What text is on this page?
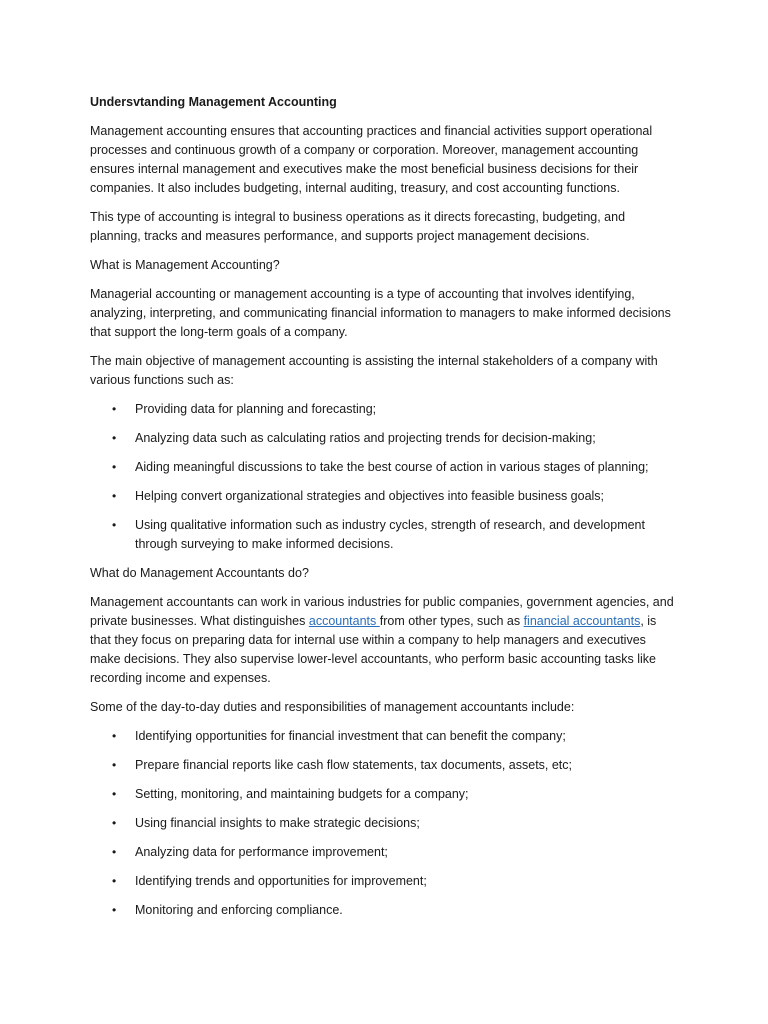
Undersvtanding Management Accounting

Management accounting ensures that accounting practices and financial activities support operational processes and continuous growth of a company or corporation. Moreover, management accounting ensures internal management and executives make the most beneficial business decisions for their companies. It also includes budgeting, internal auditing, treasury, and cost accounting functions.

This type of accounting is integral to business operations as it directs forecasting, budgeting, and planning, tracks and measures performance, and supports project management decisions.

What is Management Accounting?

Managerial accounting or management accounting is a type of accounting that involves identifying, analyzing, interpreting, and communicating financial information to managers to make informed decisions that support the long-term goals of a company.

The main objective of management accounting is assisting the internal stakeholders of a company with various functions such as:

• Providing data for planning and forecasting;
• Analyzing data such as calculating ratios and projecting trends for decision-making;
• Aiding meaningful discussions to take the best course of action in various stages of planning;
• Helping convert organizational strategies and objectives into feasible business goals;
• Using qualitative information such as industry cycles, strength of research, and development through surveying to make informed decisions.

What do Management Accountants do?

Management accountants can work in various industries for public companies, government agencies, and private businesses. What distinguishes accountants from other types, such as financial accountants, is that they focus on preparing data for internal use within a company to help managers and executives make decisions. They also supervise lower-level accountants, who perform basic accounting tasks like recording income and expenses.

Some of the day-to-day duties and responsibilities of management accountants include:

• Identifying opportunities for financial investment that can benefit the company;
• Prepare financial reports like cash flow statements, tax documents, assets, etc;
• Setting, monitoring, and maintaining budgets for a company;
• Using financial insights to make strategic decisions;
• Analyzing data for performance improvement;
• Identifying trends and opportunities for improvement;
• Monitoring and enforcing compliance.
